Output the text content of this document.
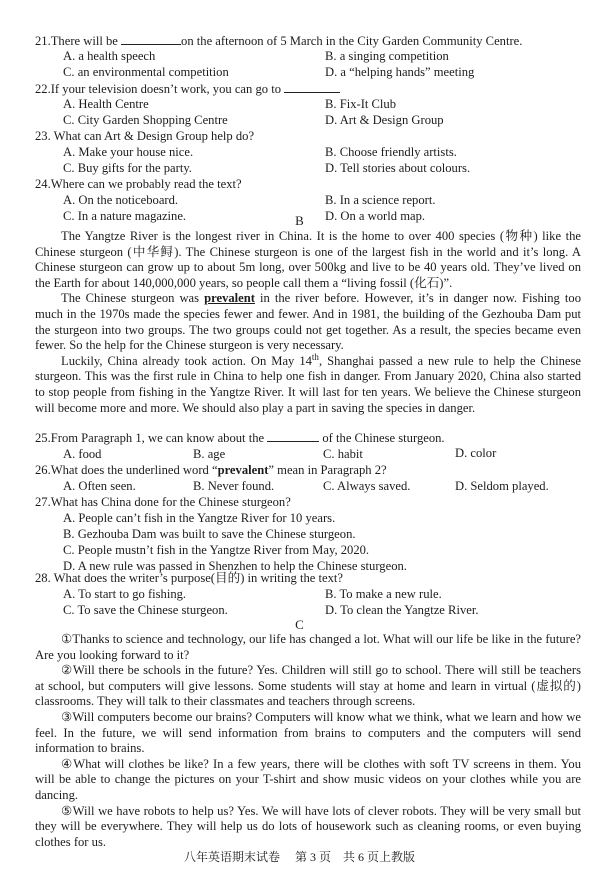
21.There will be	on the afternoon of 5 March in the City Garden Community Centre.
A. a health speech	B. a singing competition
C. an environmental competition	D. a “helping hands” meeting
22.If your television doesn’t work, you can go to
A. Health Centre	B. Fix-It Club
C. City Garden Shopping Centre	D. Art & Design Group
23. What can Art & Design Group help do?
A. Make your house nice.	B. Choose friendly artists.
C. Buy gifts for the party.	D. Tell stories about colours.
24.Where can we probably read the text?
A. On the noticeboard.	B. In a science report.
C. In a nature magazine.	D. On a world map.
B

The Yangtze River is the longest river in China. It is the home to over 400 species (物种) like the Chinese sturgeon (中华鲟). The Chinese sturgeon is one of the largest fish in the world and it’s long. A Chinese sturgeon can grow up to about 5m long, over 500kg and live to be 40 years old. They’ve lived on the Earth for about 140,000,000 years, so people call them a “living fossil (化石)”.

The Chinese sturgeon was prevalent in the river before. However, it’s in danger now. Fishing too much in the 1970s made the species fewer and fewer. And in 1981, the building of the Gezhouba Dam put the sturgeon into two groups. The two groups could not get together. As a result, the species became even fewer. So the help for the Chinese sturgeon is very necessary.

Luckily, China already took action. On May 14th, Shanghai passed a new rule to help the Chinese sturgeon. This was the first rule in China to help one fish in danger. From January 2020, China also started to stop people from fishing in the Yangtze River. It will last for ten years. We believe the Chinese sturgeon will become more and more. We should also play a part in saving the species in danger.

25.From Paragraph 1, we can know about the	of the Chinese sturgeon.
A. food	B. age	C. habit	D. color
26.What does the underlined word “prevalent” mean in Paragraph 2?
A. Often seen.	B. Never found.	C. Always saved.	D. Seldom played.
27.What has China done for the Chinese sturgeon?
A. People can’t fish in the Yangtze River for 10 years.
B. Gezhouba Dam was built to save the Chinese sturgeon.
C. People mustn’t fish in the Yangtze River from May, 2020.
D. A new rule was passed in Shenzhen to help the Chinese sturgeon.
28. What does the writer’s purpose(目的) in writing the text?
A. To start to go fishing.	B. To make a new rule.
C. To save the Chinese sturgeon.	D. To clean the Yangtze River.
C

①Thanks to science and technology, our life has changed a lot. What will our life be like in the future? Are you looking forward to it?

②Will there be schools in the future? Yes. Children will still go to school. There will still be teachers at school, but computers will give lessons. Some students will stay at home and learn in virtual (虚拟的) classrooms. They will talk to their classmates and teachers through screens.

③Will computers become our brains? Computers will know what we think, what we learn and how we feel. In the future, we will send information from brains to computers and the computers will send information to brains.

④What will clothes be like? In a few years, there will be clothes with soft TV screens in them. You will be able to change the pictures on your T-shirt and show music videos on your clothes while you are dancing.

⑤Will we have robots to help us? Yes. We will have lots of clever robots. They will be very small but they will be everywhere. They will help us do lots of housework such as cleaning rooms, or even buying clothes for us.

八年英语期末试卷　 第 3 页　共 6 页上教版
